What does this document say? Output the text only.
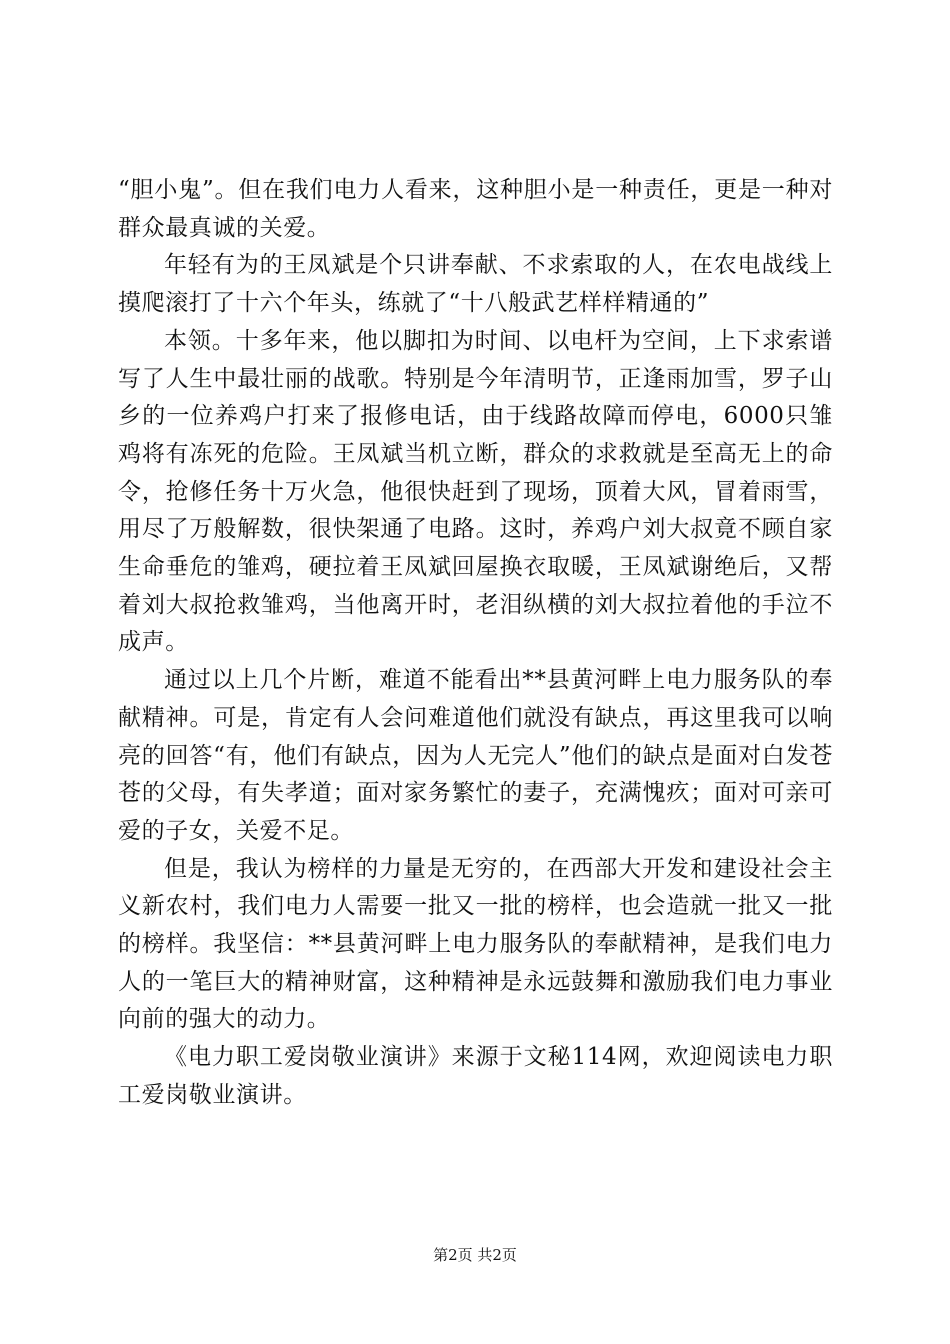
“胆小鬼”。但在我们电力人看来，这种胆小是一种责任，更是一种对群众最真诚的关爱。

年轻有为的王凤斌是个只讲奉献、不求索取的人，在农电战线上摸爬滚打了十六个年头，练就了“十八般武艺样样精通的”

本领。十多年来，他以脚扣为时间、以电杆为空间，上下求索谱写了人生中最壮丽的战歌。特别是今年清明节，正逢雨加雪，罗子山乡的一位养鸡户打来了报修电话，由于线路故障而停电，6000只雏鸡将有冻死的危险。王凤斌当机立断，群众的求救就是至高无上的命令，抢修任务十万火急，他很快赶到了现场，顶着大风，冒着雨雪，用尽了万般解数，很快架通了电路。这时，养鸡户刘大叔竟不顾自家生命垂危的雏鸡，硬拉着王凤斌回屋换衣取暖，王凤斌谢绝后，又帮着刘大叔抢救雏鸡，当他离开时，老泪纵横的刘大叔拉着他的手泣不成声。

通过以上几个片断，难道不能看出**县黄河畔上电力服务队的奉献精神。可是，肯定有人会问难道他们就没有缺点，再这里我可以响亮的回答“有，他们有缺点，因为人无完人”他们的缺点是面对白发苍苍的父母，有失孝道；面对家务繁忙的妻子，充满愧疚；面对可亲可爱的子女，关爱不足。

但是，我认为榜样的力量是无穷的，在西部大开发和建设社会主义新农村，我们电力人需要一批又一批的榜样，也会造就一批又一批的榜样。我坚信：**县黄河畔上电力服务队的奉献精神，是我们电力人的一笔巨大的精神财富，这种精神是永远鼓舞和激励我们电力事业向前的强大的动力。

《电力职工爱岗敬业演讲》来源于文秘114网，欢迎阅读电力职工爱岗敬业演讲。

第2页 共2页
